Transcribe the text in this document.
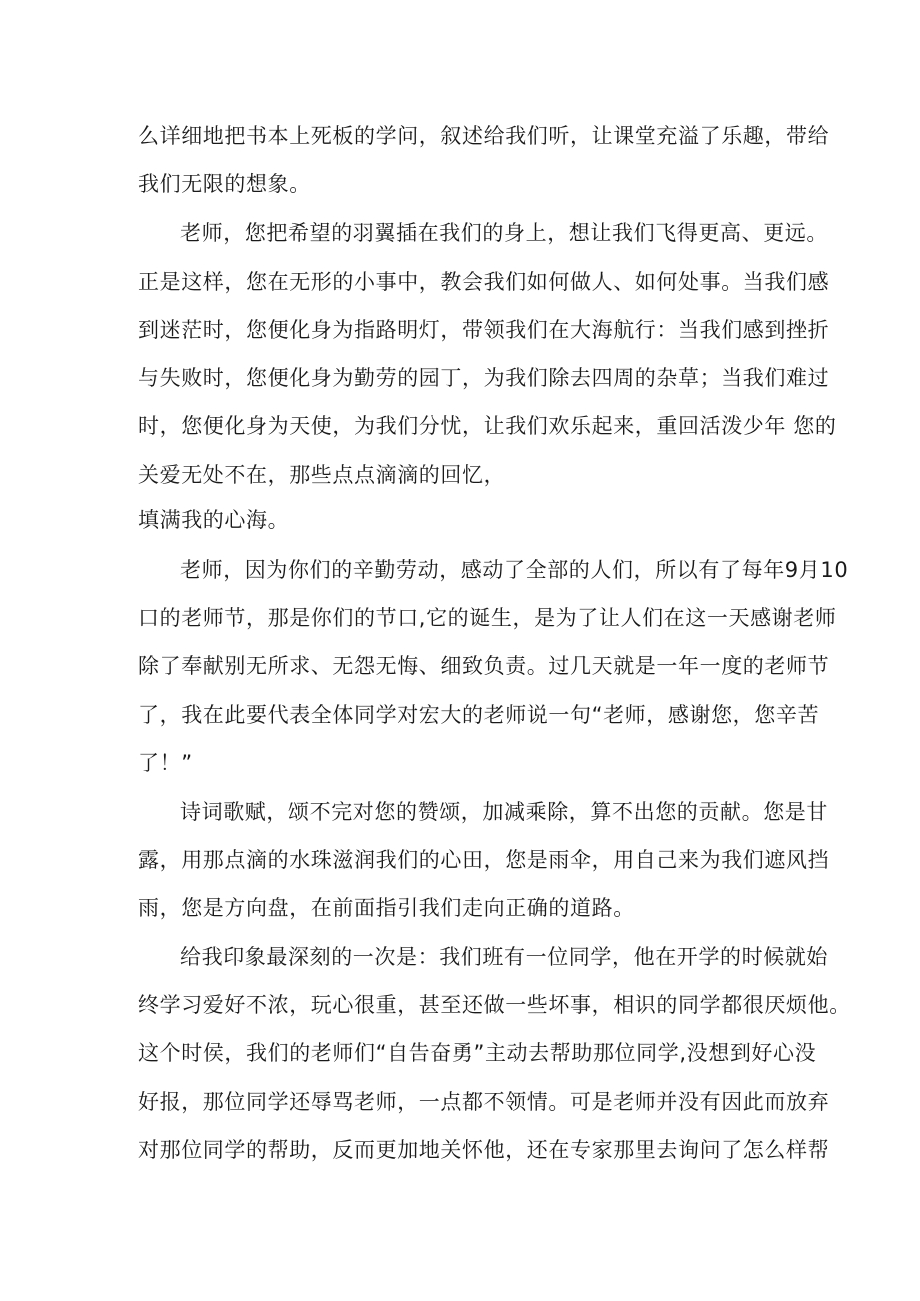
么详细地把书本上死板的学问，叙述给我们听，让课堂充溢了乐趣，带给
我们无限的想象。
老师，您把希望的羽翼插在我们的身上，想让我们飞得更高、更远。
正是这样，您在无形的小事中，教会我们如何做人、如何处事。当我们感
到迷茫时，您便化身为指路明灯，带领我们在大海航行：当我们感到挫折
与失败时，您便化身为勤劳的园丁，为我们除去四周的杂草；当我们难过
时，您便化身为天使，为我们分忧，让我们欢乐起来，重回活泼少年 您的
关爱无处不在，那些点点滴滴的回忆，
填满我的心海。
老师，因为你们的辛勤劳动，感动了全部的人们，所以有了每年9月10
口的老师节，那是你们的节口,它的诞生，是为了让人们在这一天感谢老师
除了奉献别无所求、无怨无悔、细致负责。过几天就是一年一度的老师节
了，我在此要代表全体同学对宏大的老师说一句“老师，感谢您，您辛苦
了！”
诗词歌赋，颂不完对您的赞颂，加减乘除，算不出您的贡献。您是甘
露，用那点滴的水珠滋润我们的心田，您是雨伞，用自己来为我们遮风挡
雨，您是方向盘，在前面指引我们走向正确的道路。
给我印象最深刻的一次是：我们班有一位同学，他在开学的时候就始
终学习爱好不浓，玩心很重，甚至还做一些坏事，相识的同学都很厌烦他。
这个时侯，我们的老师们“自告奋勇”主动去帮助那位同学,没想到好心没
好报，那位同学还辱骂老师，一点都不领情。可是老师并没有因此而放弃
对那位同学的帮助，反而更加地关怀他，还在专家那里去询问了怎么样帮
